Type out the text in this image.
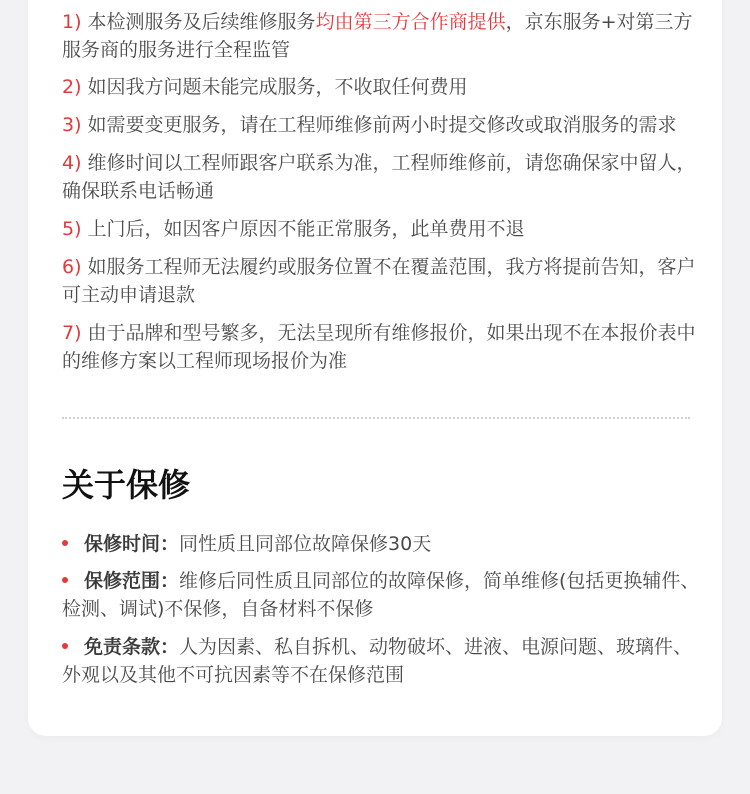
1) 本检测服务及后续维修服务均由第三方合作商提供，京东服务+对第三方服务商的服务进行全程监管

2) 如因我方问题未能完成服务，不收取任何费用

3) 如需要变更服务，请在工程师维修前两小时提交修改或取消服务的需求

4) 维修时间以工程师跟客户联系为准，工程师维修前，请您确保家中留人，确保联系电话畅通

5) 上门后，如因客户原因不能正常服务，此单费用不退

6) 如服务工程师无法履约或服务位置不在覆盖范围，我方将提前告知，客户可主动申请退款

7) 由于品牌和型号繁多，无法呈现所有维修报价，如果出现不在本报价表中的维修方案以工程师现场报价为准

关于保修
保修时间：同性质且同部位故障保修30天
保修范围：维修后同性质且同部位的故障保修，简单维修(包括更换辅件、检测、调试)不保修，自备材料不保修
免责条款：人为因素、私自拆机、动物破坏、进液、电源问题、玻璃件、外观以及其他不可抗因素等不在保修范围
